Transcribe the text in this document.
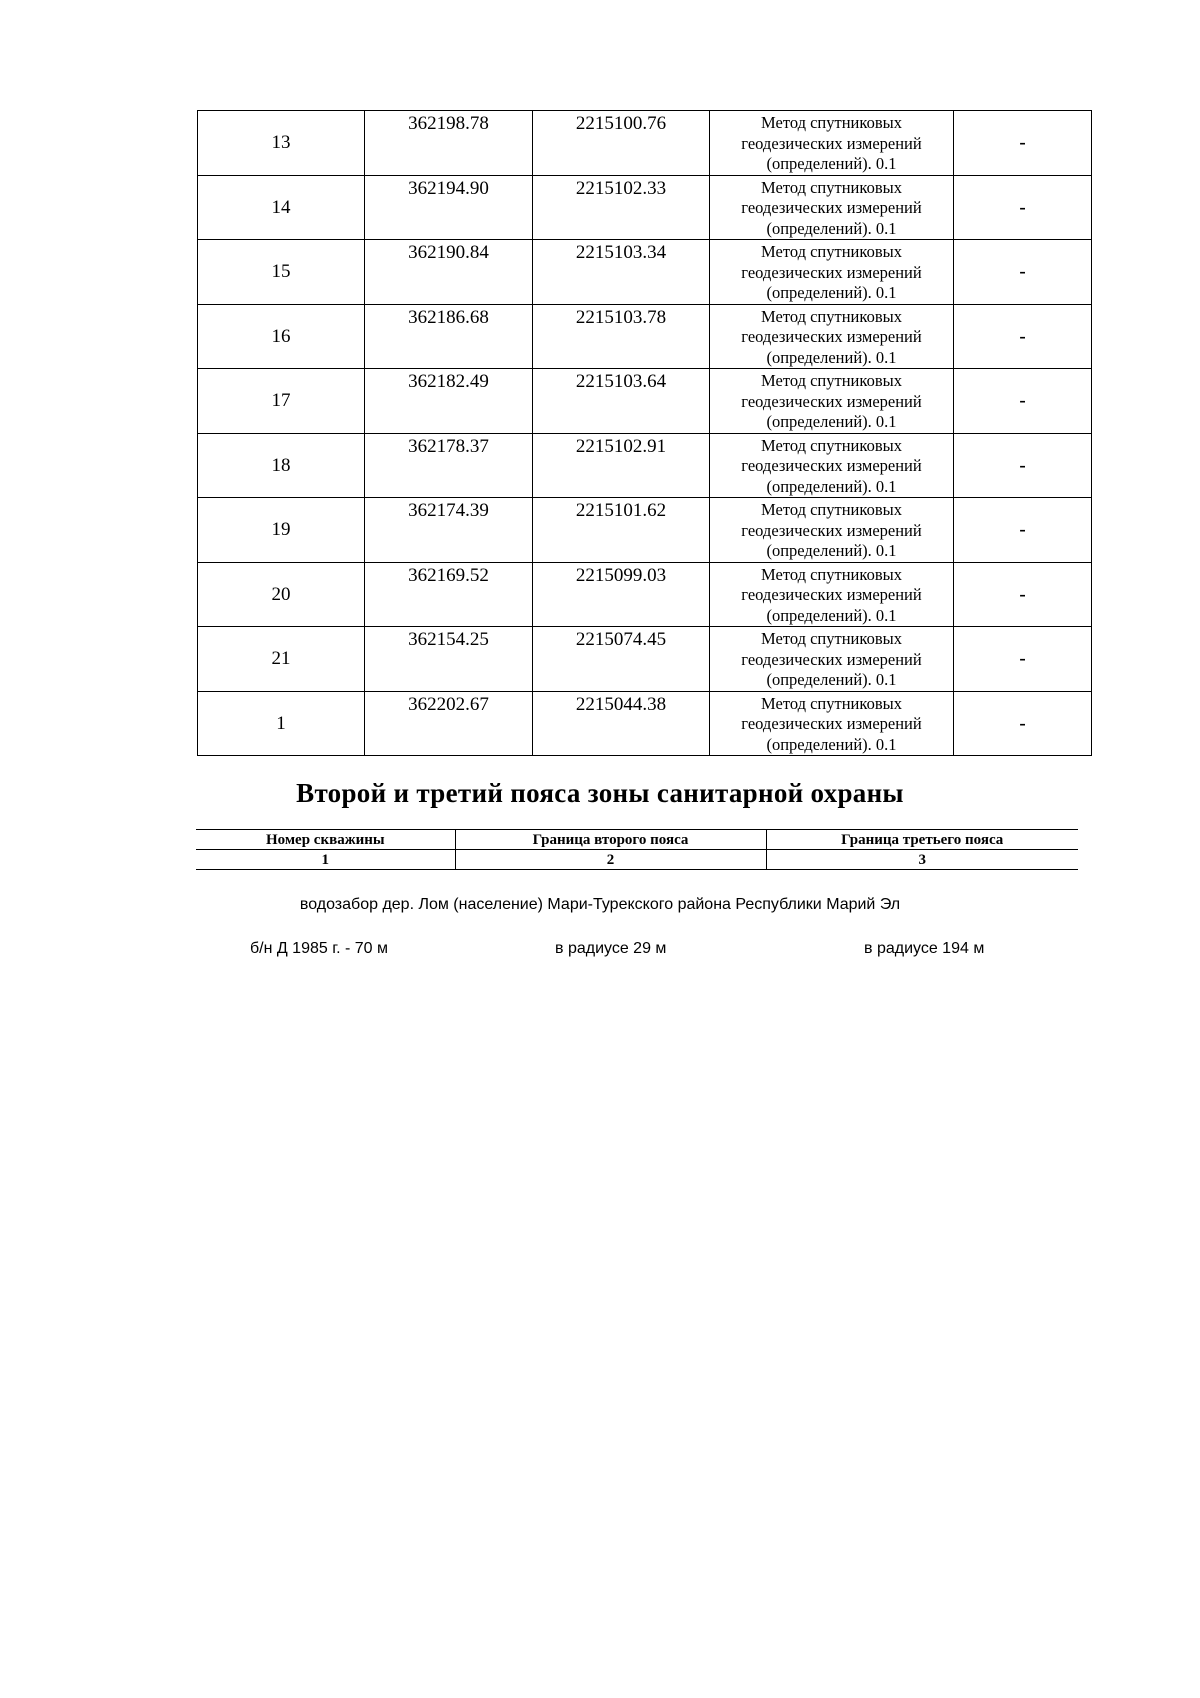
13	362198.78	2215100.76	Метод спутниковых
геодезических измерений
(определений). 0.1	-
14	362194.90	2215102.33	Метод спутниковых
геодезических измерений
(определений). 0.1	-
15	362190.84	2215103.34	Метод спутниковых
геодезических измерений
(определений). 0.1	-
16	362186.68	2215103.78	Метод спутниковых
геодезических измерений
(определений). 0.1	-
17	362182.49	2215103.64	Метод спутниковых
геодезических измерений
(определений). 0.1	-
18	362178.37	2215102.91	Метод спутниковых
геодезических измерений
(определений). 0.1	-
19	362174.39	2215101.62	Метод спутниковых
геодезических измерений
(определений). 0.1	-
20	362169.52	2215099.03	Метод спутниковых
геодезических измерений
(определений). 0.1	-
21	362154.25	2215074.45	Метод спутниковых
геодезических измерений
(определений). 0.1	-
1	362202.67	2215044.38	Метод спутниковых
геодезических измерений
(определений). 0.1	-
Второй и третий пояса зоны санитарной охраны
Номер скважины	Граница второго пояса	Граница третьего пояса
1	2	3
водозабор дер. Лом (население) Мари-Турекского района Республики Марий Эл
б/н Д 1985 г. - 70 м	в радиусе 29 м	в радиусе 194 м
